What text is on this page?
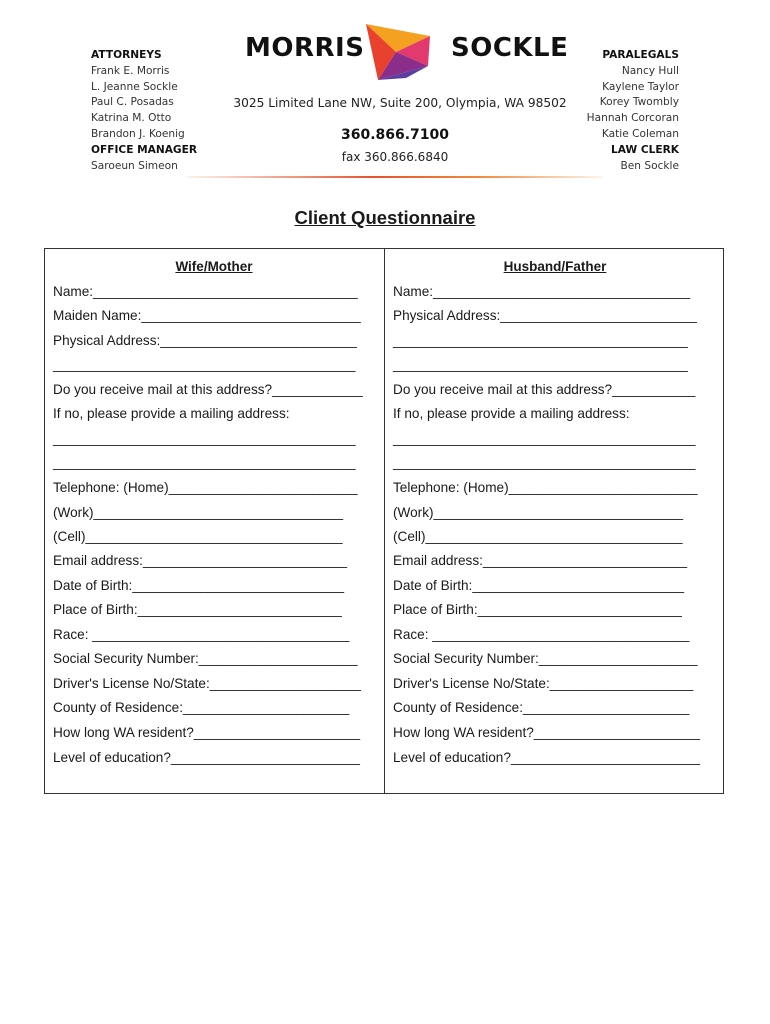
ATTORNEYS
Frank E. Morris
L. Jeanne Sockle
Paul C. Posadas
Katrina M. Otto
Brandon J. Koenig
OFFICE MANAGER
Saroeun Simeon
PARALEGALS
Nancy Hull
Kaylene Taylor
Korey Twombly
Hannah Corcoran
Katie Coleman
LAW CLERK
Ben Sockle
MORRIS	SOCKLE
3025 Limited Lane NW, Suite 200, Olympia, WA 98502
360.866.7100
fax 360.866.6840
Client Questionnaire
Wife/Mother	Husband/Father
Name:___________________________________
Maiden Name:_____________________________
Physical Address:__________________________
________________________________________
Do you receive mail at this address?____________
If no, please provide a mailing address:
________________________________________
________________________________________
Telephone: (Home)_________________________
(Work)_________________________________
(Cell)__________________________________
Email address:___________________________
Date of Birth:____________________________
Place of Birth:___________________________
Race: __________________________________
Social Security Number:_____________________
Driver's License No/State:____________________
County of Residence:______________________
How long WA resident?______________________
Level of education?_________________________
Name:__________________________________
Physical Address:__________________________
_______________________________________
_______________________________________
Do you receive mail at this address?___________
If no, please provide a mailing address:
________________________________________
________________________________________
Telephone: (Home)_________________________
(Work)_________________________________
(Cell)__________________________________
Email address:___________________________
Date of Birth:____________________________
Place of Birth:___________________________
Race: __________________________________
Social Security Number:_____________________
Driver's License No/State:___________________
County of Residence:______________________
How long WA resident?______________________
Level of education?_________________________
